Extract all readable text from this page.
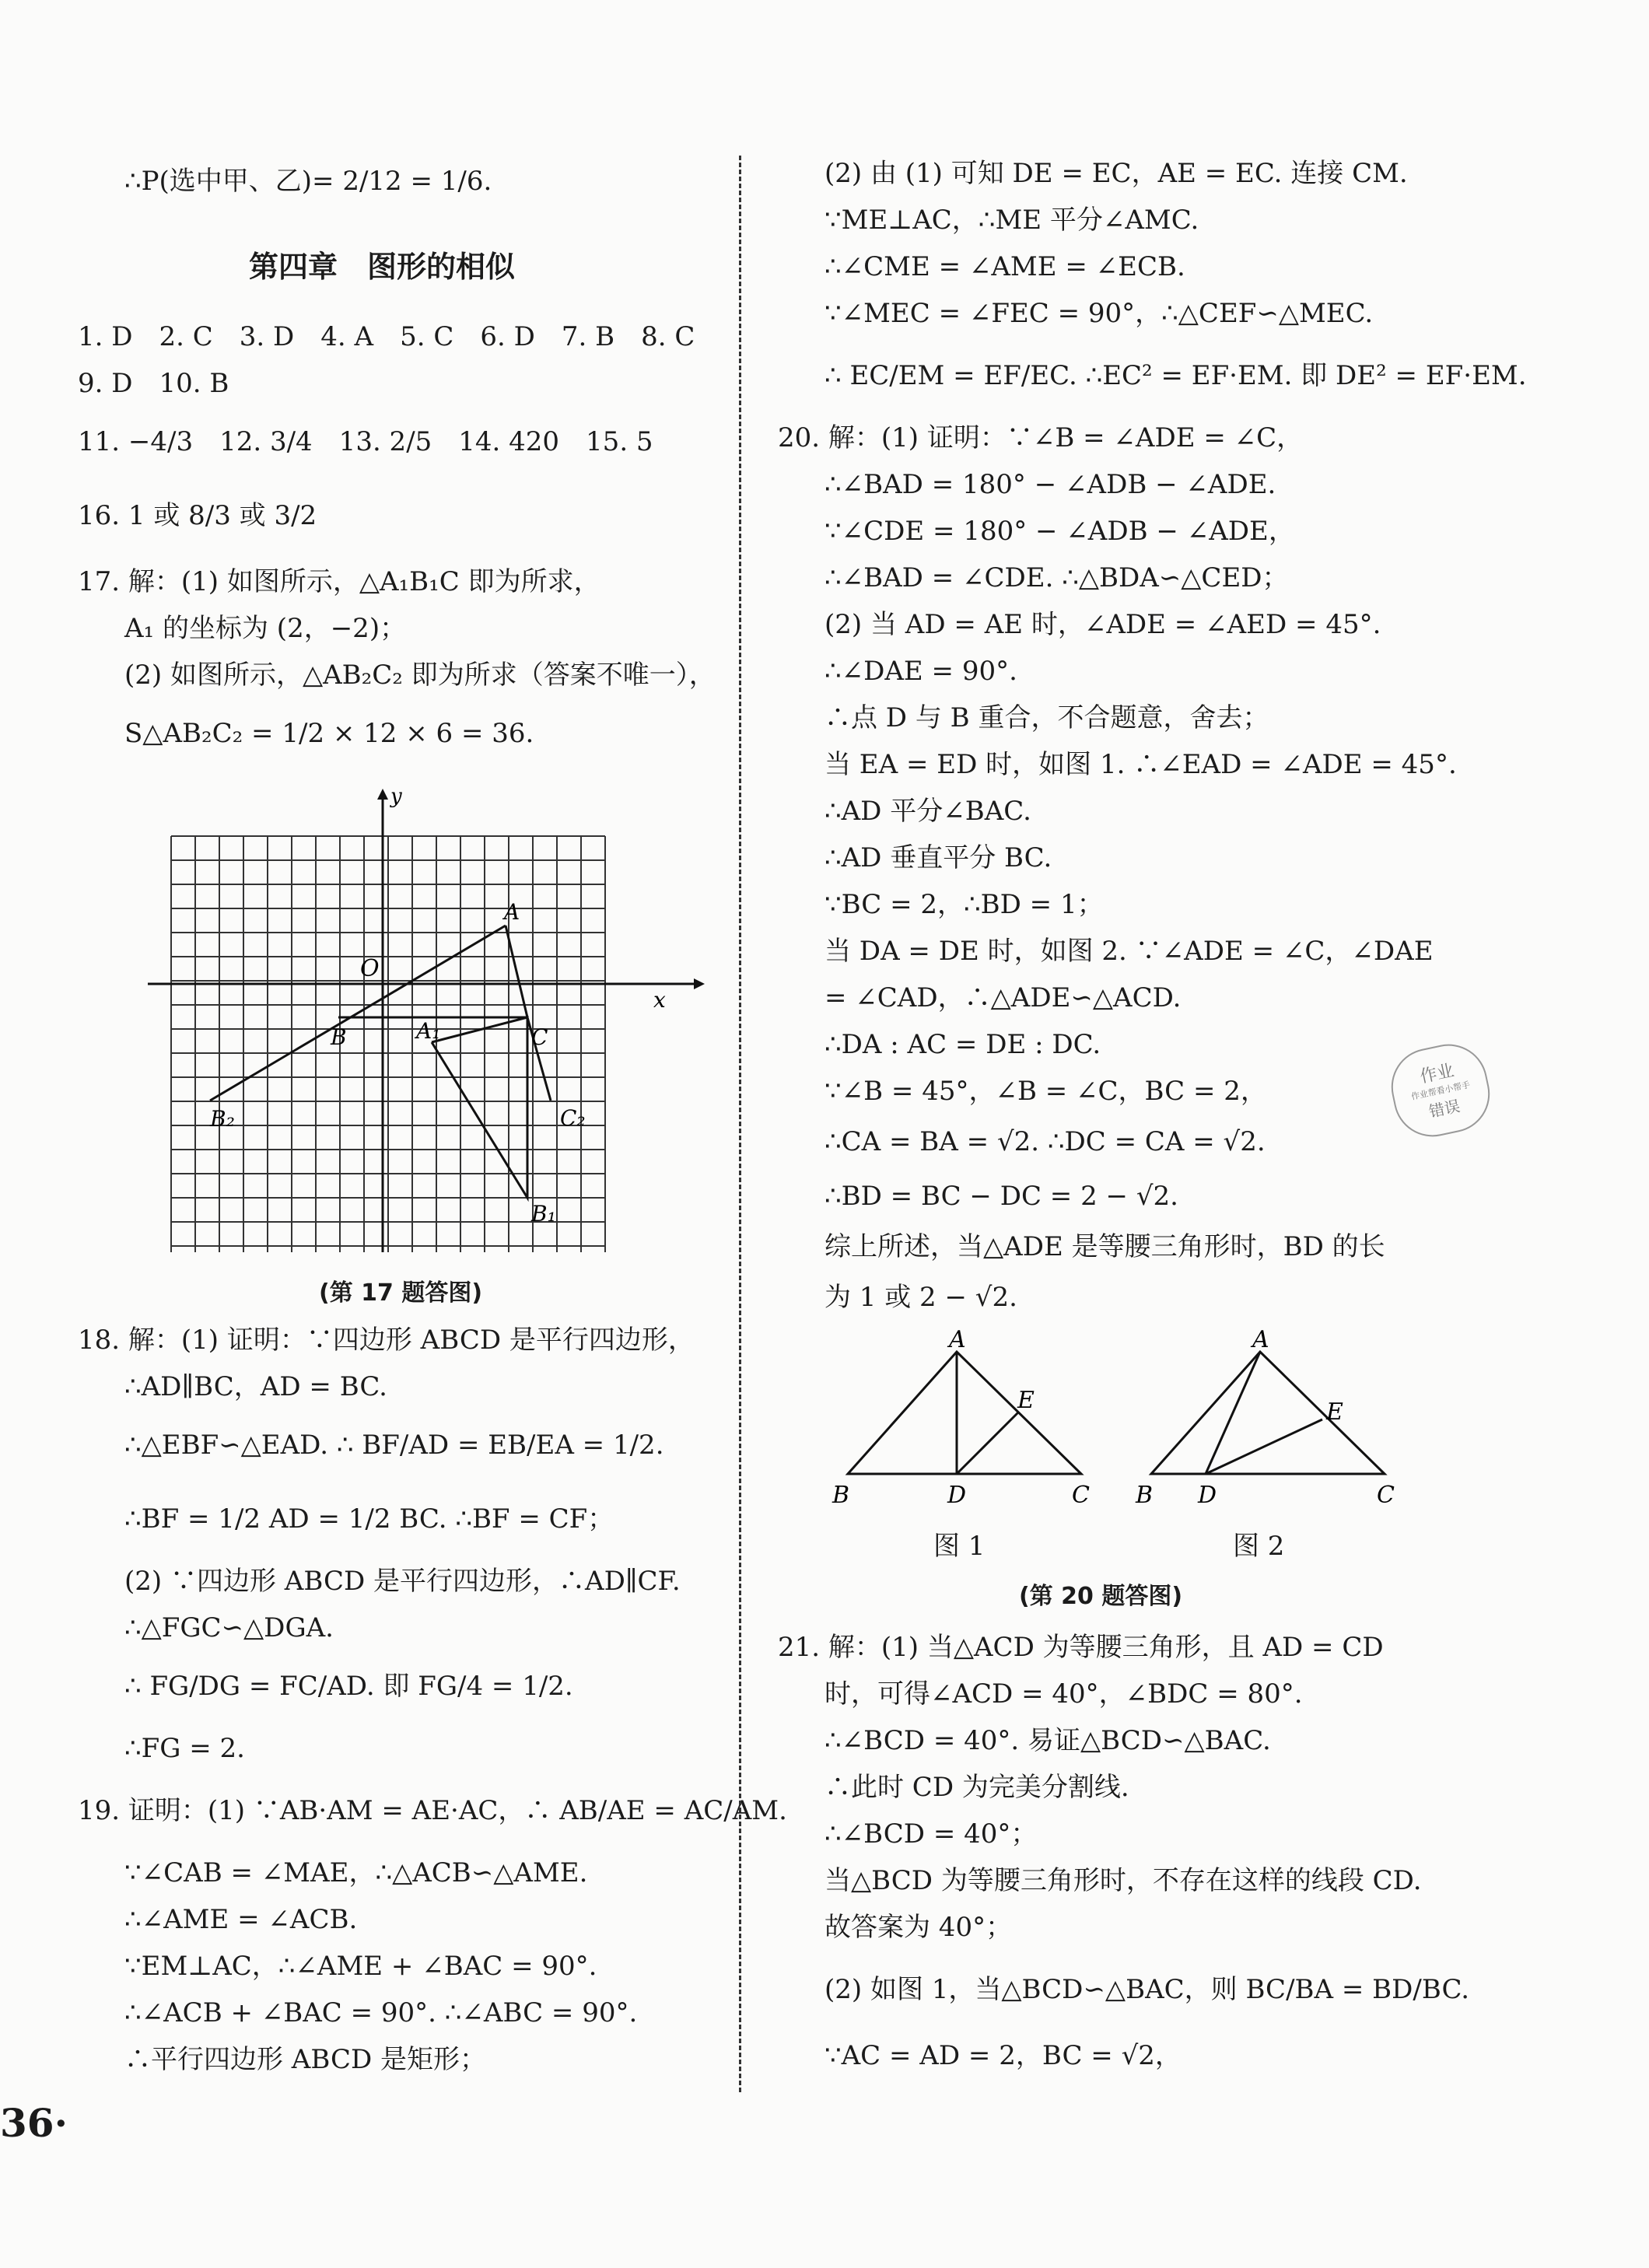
∴P(选中甲、乙)= 2/12 = 1/6.
第四章　图形的相似
1. D　2. C　3. D　4. A　5. C　6. D　7. B　8. C
9. D　10. B
11. −4/3　12. 3/4　13. 2/5　14. 420　15. 5
16. 1 或 8/3 或 3/2
17. 解：(1) 如图所示，△A₁B₁C 即为所求，
A₁ 的坐标为 (2，−2)；
(2) 如图所示，△AB₂C₂ 即为所求（答案不唯一），
S△AB₂C₂ = 1/2 × 12 × 6 = 36.
(第 17 题答图)
18. 解：(1) 证明：∵四边形 ABCD 是平行四边形，
∴AD∥BC，AD = BC.
∴△EBF∽△EAD. ∴ BF/AD = EB/EA = 1/2.
∴BF = 1/2 AD = 1/2 BC. ∴BF = CF；
(2) ∵四边形 ABCD 是平行四边形，∴AD∥CF.
∴△FGC∽△DGA.
∴ FG/DG = FC/AD. 即 FG/4 = 1/2.
∴FG = 2.
19. 证明：(1) ∵AB·AM = AE·AC，∴ AB/AE = AC/AM.
∵∠CAB = ∠MAE，∴△ACB∽△AME.
∴∠AME = ∠ACB.
∵EM⊥AC，∴∠AME + ∠BAC = 90°.
∴∠ACB + ∠BAC = 90°. ∴∠ABC = 90°.
∴平行四边形 ABCD 是矩形；
(2) 由 (1) 可知 DE = EC，AE = EC. 连接 CM.
∵ME⊥AC，∴ME 平分∠AMC.
∴∠CME = ∠AME = ∠ECB.
∵∠MEC = ∠FEC = 90°，∴△CEF∽△MEC.
∴ EC/EM = EF/EC. ∴EC² = EF·EM. 即 DE² = EF·EM.
20. 解：(1) 证明：∵∠B = ∠ADE = ∠C，
∴∠BAD = 180° − ∠ADB − ∠ADE.
∵∠CDE = 180° − ∠ADB − ∠ADE，
∴∠BAD = ∠CDE. ∴△BDA∽△CED；
(2) 当 AD = AE 时，∠ADE = ∠AED = 45°.
∴∠DAE = 90°.
∴点 D 与 B 重合，不合题意，舍去；
当 EA = ED 时，如图 1. ∴∠EAD = ∠ADE = 45°.
∴AD 平分∠BAC.
∴AD 垂直平分 BC.
∵BC = 2，∴BD = 1；
当 DA = DE 时，如图 2. ∵∠ADE = ∠C，∠DAE
= ∠CAD，∴△ADE∽△ACD.
∴DA : AC = DE : DC.
∵∠B = 45°，∠B = ∠C，BC = 2，
∴CA = BA = √2. ∴DC = CA = √2.
∴BD = BC − DC = 2 − √2.
综上所述，当△ADE 是等腰三角形时，BD 的长
为 1 或 2 − √2.
图 1	图 2
(第 20 题答图)
21. 解：(1) 当△ACD 为等腰三角形，且 AD = CD
时，可得∠ACD = 40°，∠BDC = 80°.
∴∠BCD = 40°. 易证△BCD∽△BAC.
∴此时 CD 为完美分割线.
∴∠BCD = 40°；
当△BCD 为等腰三角形时，不存在这样的线段 CD.
故答案为 40°；
(2) 如图 1，当△BCD∽△BAC，则 BC/BA = BD/BC.
∵AC = AD = 2，BC = √2，
y
x
O
A
B	A₁	C
B₂	C₂
B₁
A
B	C
D
E
A
B	C
D
E
作业
作业帮看小帮手
错误
36·
